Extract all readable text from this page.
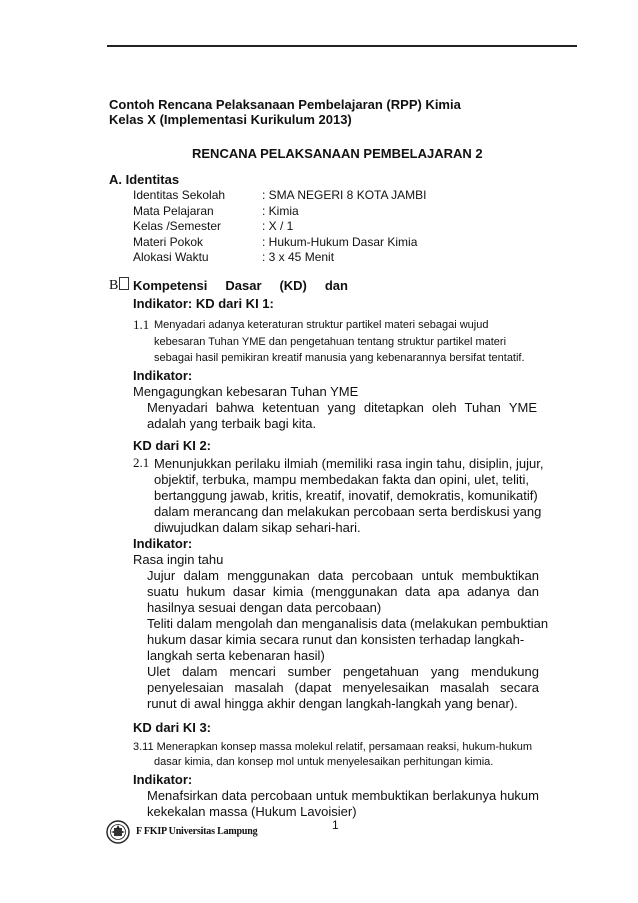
Contoh Rencana Pelaksanaan Pembelajaran (RPP) Kimia
Kelas X (Implementasi Kurikulum 2013)
RENCANA PELAKSANAAN PEMBELAJARAN 2
A. Identitas
Identitas Sekolah	: SMA NEGERI 8 KOTA JAMBI
Mata Pelajaran	: Kimia
Kelas /Semester	: X / 1
Materi Pokok	: Hukum-Hukum Dasar Kimia
Alokasi Waktu	: 3 x 45 Menit
B	Kompetensi Dasar (KD) dan
Indikator: KD dari KI 1:
1.1 Menyadari adanya keteraturan struktur partikel materi sebagai wujud
kebesaran Tuhan YME dan pengetahuan tentang struktur partikel materi
sebagai hasil pemikiran kreatif manusia yang kebenarannya bersifat tentatif.
Indikator:
Mengagungkan kebesaran Tuhan YME
Menyadari bahwa ketentuan yang ditetapkan oleh Tuhan YME
adalah yang terbaik bagi kita.
KD dari KI 2:
2.1 Menunjukkan perilaku ilmiah (memiliki rasa ingin tahu, disiplin, jujur,
objektif, terbuka, mampu membedakan fakta dan opini, ulet, teliti,
bertanggung jawab, kritis, kreatif, inovatif, demokratis, komunikatif)
dalam merancang dan melakukan percobaan serta berdiskusi yang
diwujudkan dalam sikap sehari-hari.
Indikator:
Rasa ingin tahu
Jujur dalam menggunakan data percobaan untuk membuktikan
suatu hukum dasar kimia (menggunakan data apa adanya dan
hasilnya sesuai dengan data percobaan)
Teliti dalam mengolah dan menganalisis data (melakukan pembuktian
hukum dasar kimia secara runut dan konsisten terhadap langkah-
langkah serta kebenaran hasil)
Ulet dalam mencari sumber pengetahuan yang mendukung
penyelesaian masalah (dapat menyelesaikan masalah secara
runut di awal hingga akhir dengan langkah-langkah yang benar).
KD dari KI 3:
3.11 Menerapkan konsep massa molekul relatif, persamaan reaksi, hukum-hukum
dasar kimia, dan konsep mol untuk menyelesaikan perhitungan kimia.
Indikator:
Menafsirkan data percobaan untuk membuktikan berlakunya hukum
kekekalan massa (Hukum Lavoisier)
1
F FKIP Universitas Lampung
